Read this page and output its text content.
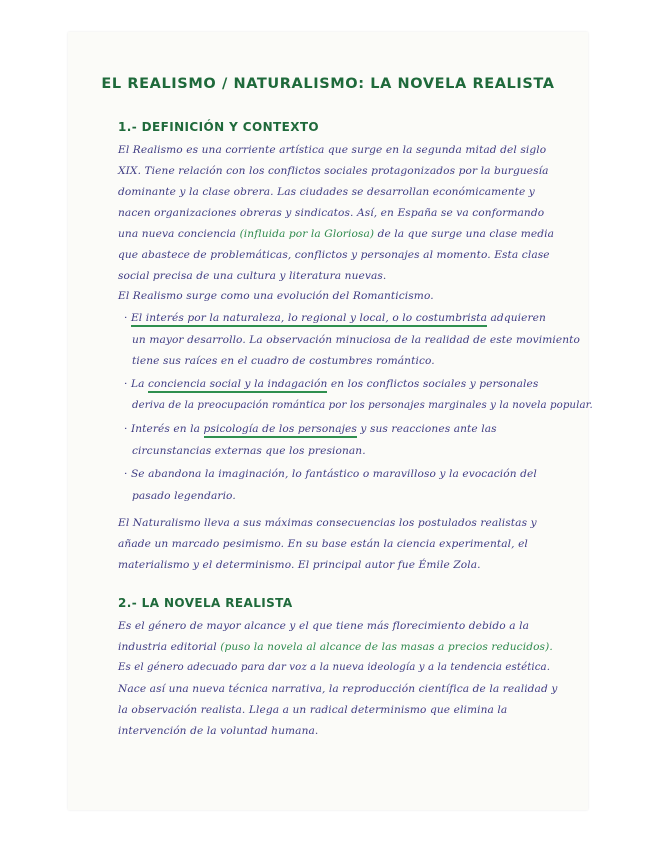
EL REALISMO / NATURALISMO: LA NOVELA REALISTA
1.- DEFINICIÓN Y CONTEXTO
El Realismo es una corriente artística que surge en la segunda mitad del siglo
XIX. Tiene relación con los conflictos sociales protagonizados por la burguesía
dominante y la clase obrera. Las ciudades se desarrollan económicamente y
nacen organizaciones obreras y sindicatos. Así, en España se va conformando
una nueva conciencia (influida por la Gloriosa) de la que surge una clase media
que abastece de problemáticas, conflictos y personajes al momento. Esta clase
social precisa de una cultura y literatura nuevas.
El Realismo surge como una evolución del Romanticismo.
· El interés por la naturaleza, lo regional y local, o lo costumbrista adquieren
un mayor desarrollo. La observación minuciosa de la realidad de este movimiento
tiene sus raíces en el cuadro de costumbres romántico.
· La conciencia social y la indagación en los conflictos sociales y personales
deriva de la preocupación romántica por los personajes marginales y la novela popular.
· Interés en la psicología de los personajes y sus reacciones ante las
circunstancias externas que los presionan.
· Se abandona la imaginación, lo fantástico o maravilloso y la evocación del
pasado legendario.
El Naturalismo lleva a sus máximas consecuencias los postulados realistas y
añade un marcado pesimismo. En su base están la ciencia experimental, el
materialismo y el determinismo. El principal autor fue Émile Zola.
2.- LA NOVELA REALISTA
Es el género de mayor alcance y el que tiene más florecimiento debido a la
industria editorial (puso la novela al alcance de las masas a precios reducidos).
Es el género adecuado para dar voz a la nueva ideología y a la tendencia estética.
Nace así una nueva técnica narrativa, la reproducción científica de la realidad y
la observación realista. Llega a un radical determinismo que elimina la
intervención de la voluntad humana.
